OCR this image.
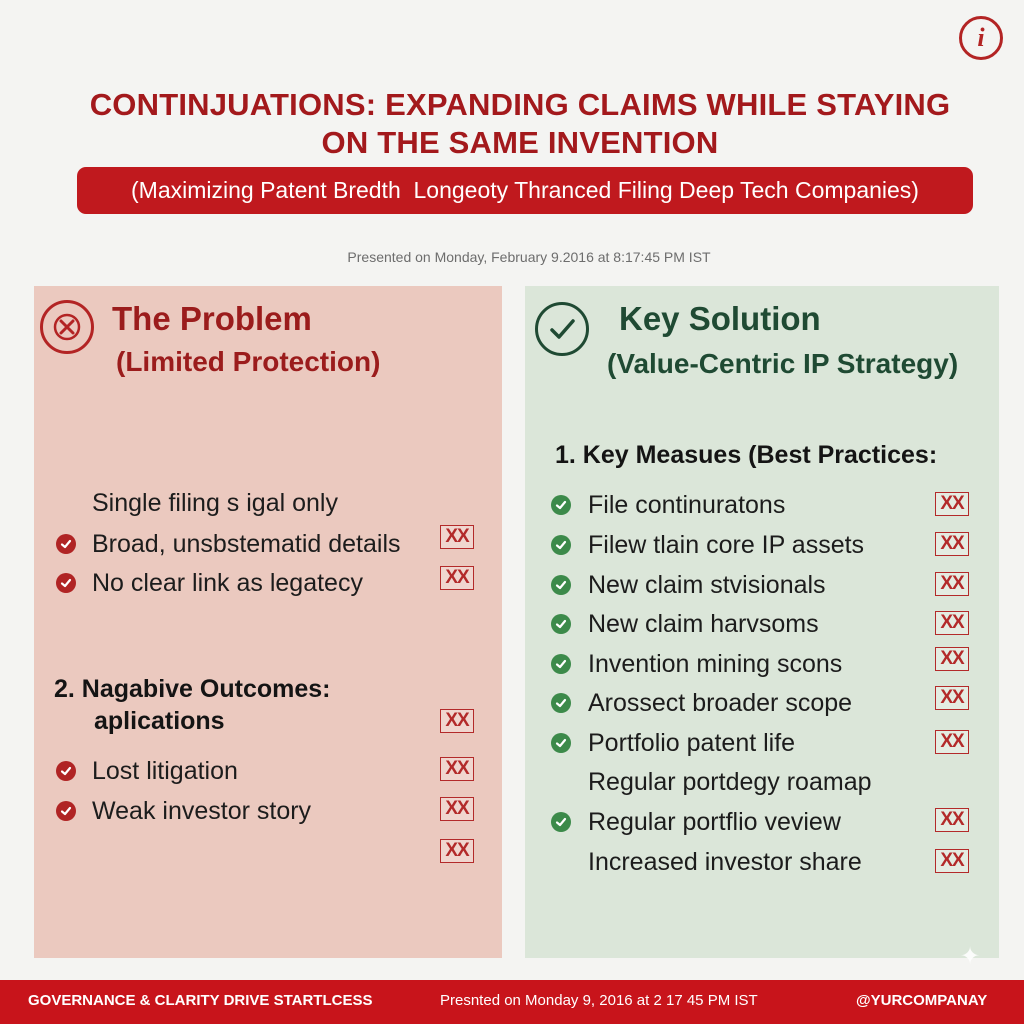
i
CONTINJUATIONS: EXPANDING CLAIMS WHILE STAYING
ON THE SAME INVENTION
(Maximizing Patent Bredth  Longeoty Thranced Filing Deep Tech Companies)
Presented on Monday, February 9.2016 at 8:17:45 PM IST
The Problem
(Limited Protection)
Single filing s igal only
Broad, unsbstematid details XX
No clear link as legatecy	XX
2. Nagabive Outcomes:
aplications	XX
Lost litigation	XX
Weak investor story	XX
XX
Key Solution
(Value-Centric IP Strategy)
1. Key Measues (Best Practices:
File continuratons	XX
Filew tlain core IP assets	XX
New claim stvisionals	XX
New claim harvsoms	XX
Invention mining scons	XX
Arossect broader scope	XX
Portfolio patent life	XX
Regular portdegy roamap
Regular portflio veview	XX
Increased investor share	XX
✦
GOVERNANCE & CLARITY DRIVE STARTLCESS	Presnted on Monday 9, 2016 at 2 17 45 PM IST	@YURCOMPANAY
